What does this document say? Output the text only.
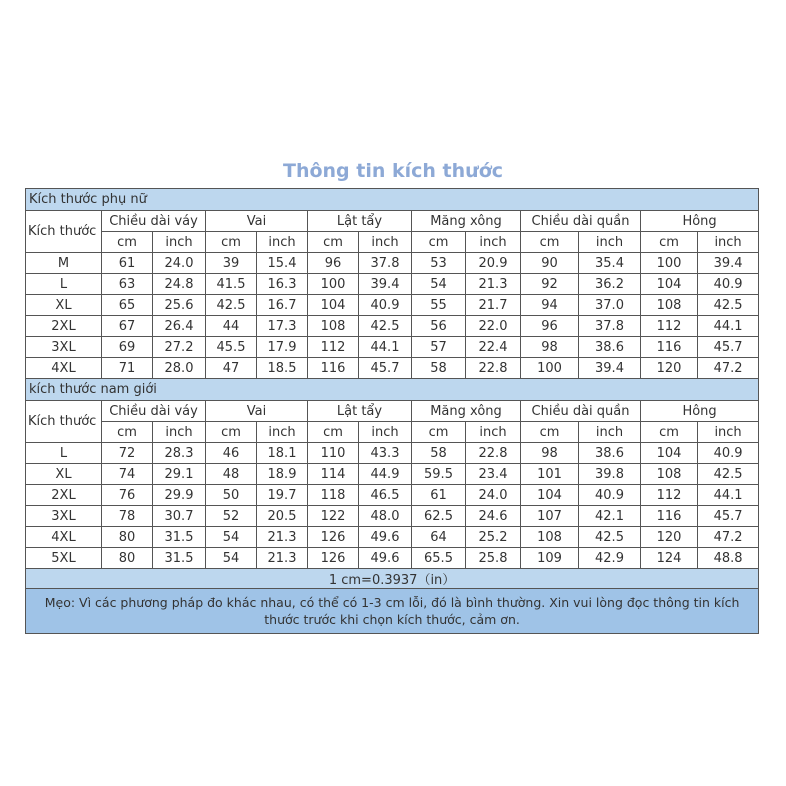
Thông tin kích thước
Kích thước phụ nữ												
Kích thước	Chiều dài váy		Vai		Lật tẩy		Măng xông		Chiều dài quần		Hông	
	cm	inch	cm	inch	cm	inch	cm	inch	cm	inch	cm	inch
M	61	24.0	39	15.4	96	37.8	53	20.9	90	35.4	100	39.4
L	63	24.8	41.5	16.3	100	39.4	54	21.3	92	36.2	104	40.9
XL	65	25.6	42.5	16.7	104	40.9	55	21.7	94	37.0	108	42.5
2XL	67	26.4	44	17.3	108	42.5	56	22.0	96	37.8	112	44.1
3XL	69	27.2	45.5	17.9	112	44.1	57	22.4	98	38.6	116	45.7
4XL	71	28.0	47	18.5	116	45.7	58	22.8	100	39.4	120	47.2
kích thước nam giới												
Kích thước	Chiều dài váy		Vai		Lật tẩy		Măng xông		Chiều dài quần		Hông	
	cm	inch	cm	inch	cm	inch	cm	inch	cm	inch	cm	inch
L	72	28.3	46	18.1	110	43.3	58	22.8	98	38.6	104	40.9
XL	74	29.1	48	18.9	114	44.9	59.5	23.4	101	39.8	108	42.5
2XL	76	29.9	50	19.7	118	46.5	61	24.0	104	40.9	112	44.1
3XL	78	30.7	52	20.5	122	48.0	62.5	24.6	107	42.1	116	45.7
4XL	80	31.5	54	21.3	126	49.6	64	25.2	108	42.5	120	47.2
5XL	80	31.5	54	21.3	126	49.6	65.5	25.8	109	42.9	124	48.8
1 cm=0.3937（in）												
Mẹo: Vì các phương pháp đo khác nhau, có thể có 1-3 cm lỗi, đó là bình thường. Xin vui lòng đọc thông tin kích thước trước khi chọn kích thước, cảm ơn.												
